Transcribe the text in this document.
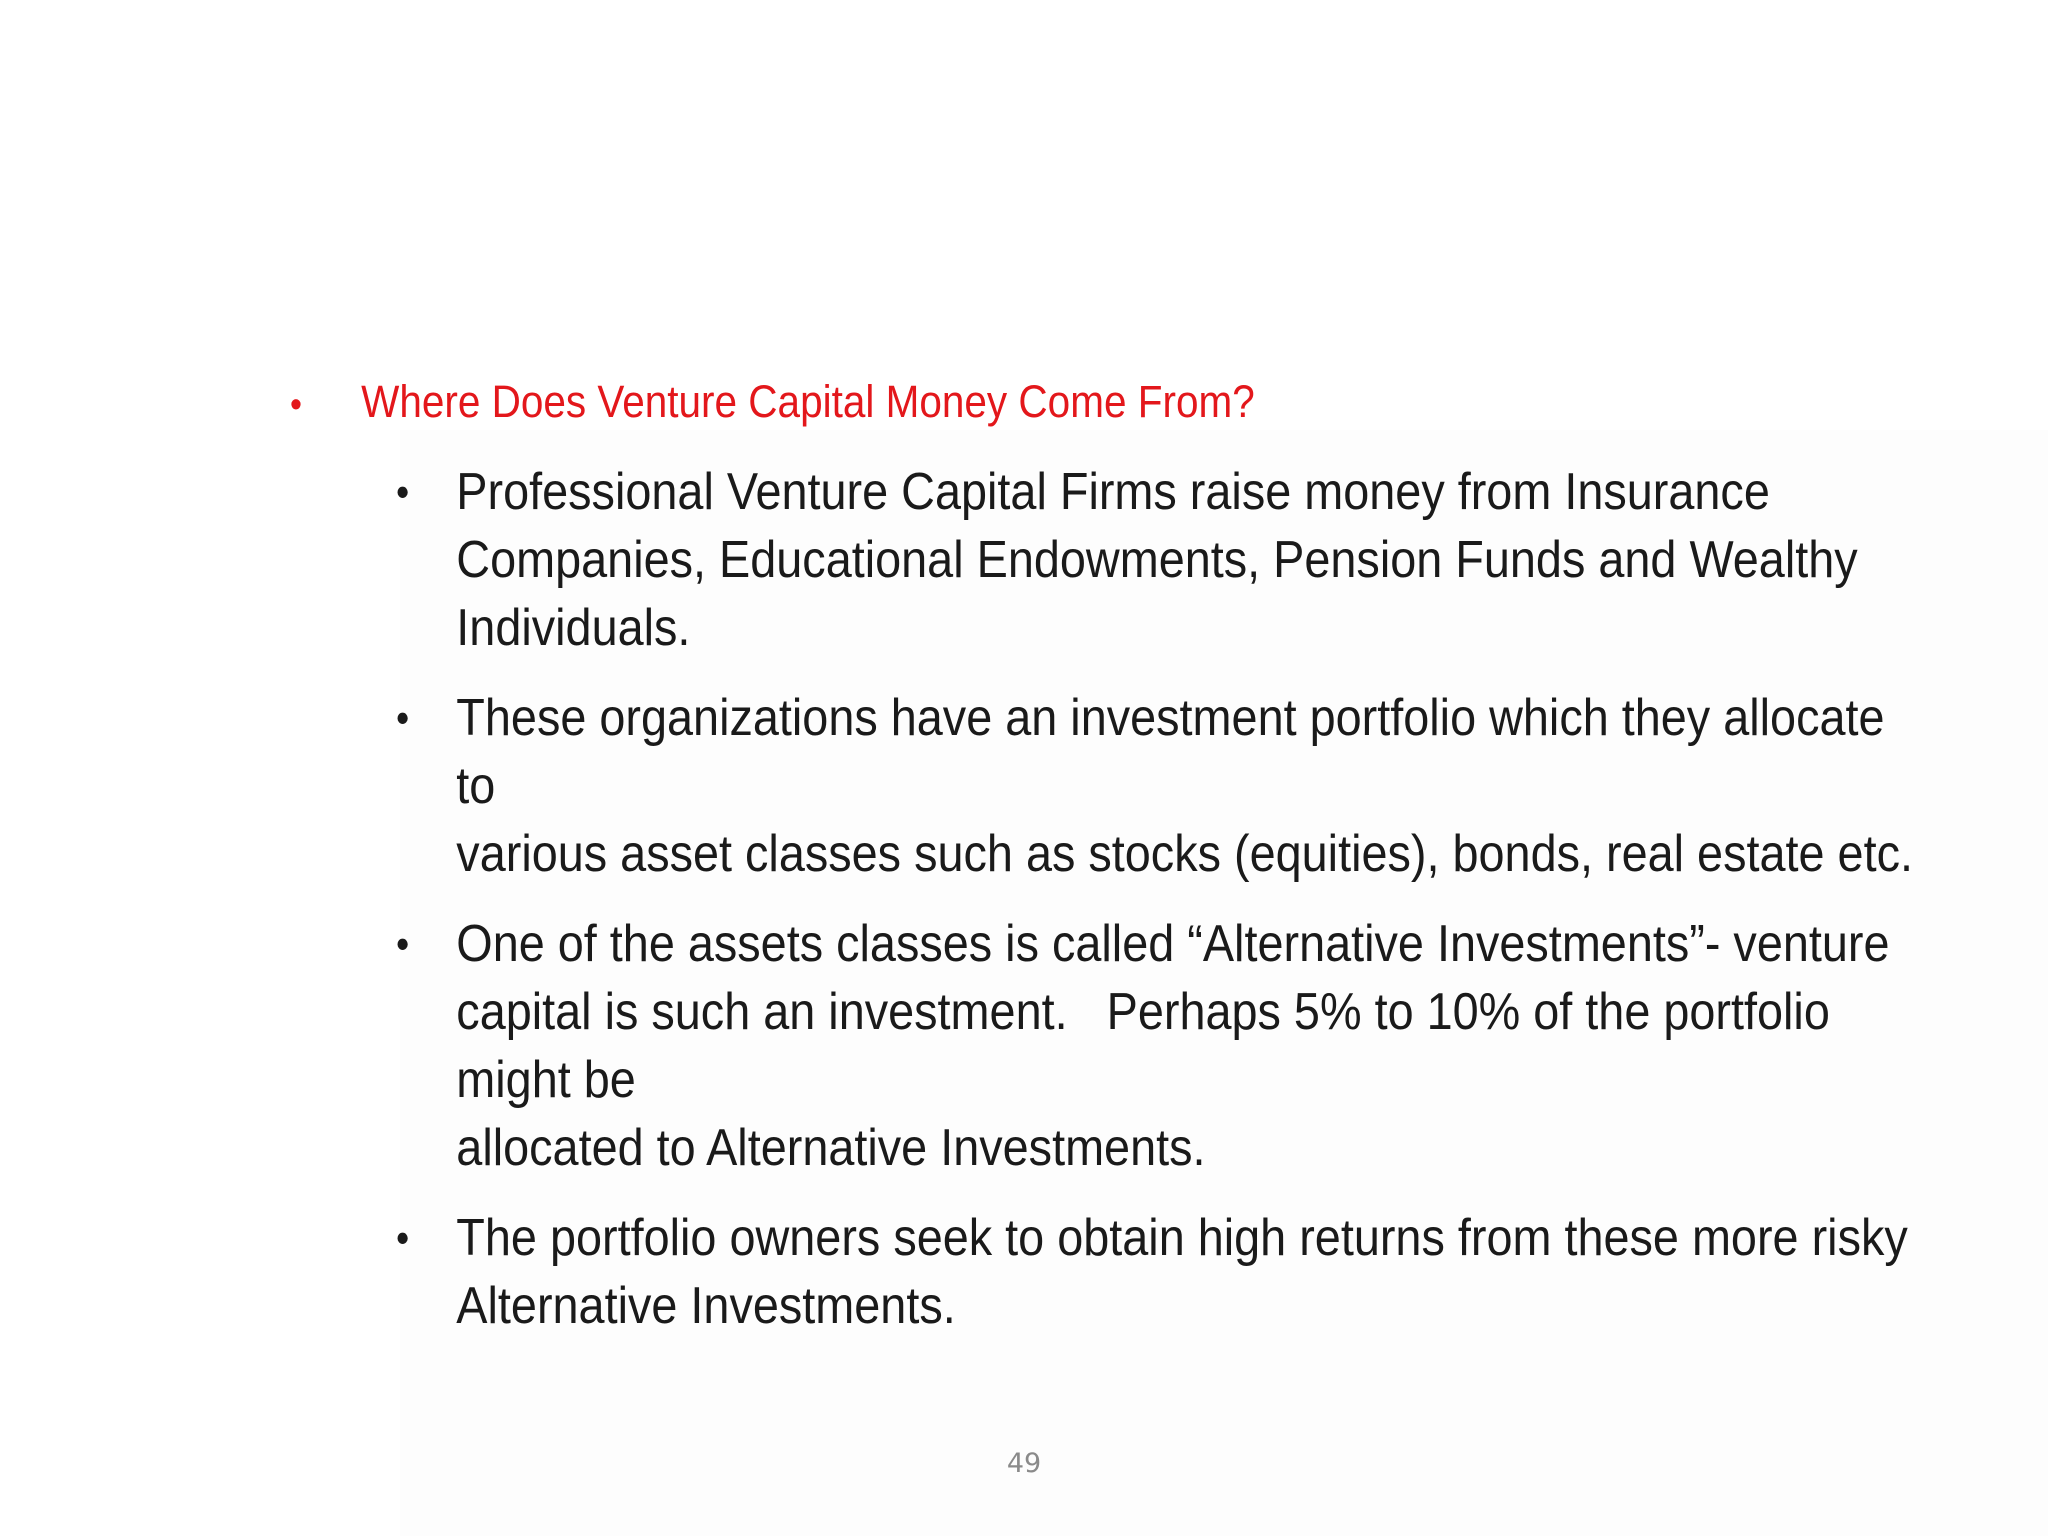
•	Where Does Venture Capital Money Come From?
• Professional Venture Capital Firms raise money from Insurance
Companies, Educational Endowments, Pension Funds and Wealthy
Individuals.
• These organizations have an investment portfolio which they allocate to
various asset classes such as stocks (equities), bonds, real estate etc.
• One of the assets classes is called “Alternative Investments”- venture
capital is such an investment.   Perhaps 5% to 10% of the portfolio might be
allocated to Alternative Investments.
• The portfolio owners seek to obtain high returns from these more risky
Alternative Investments.
49
